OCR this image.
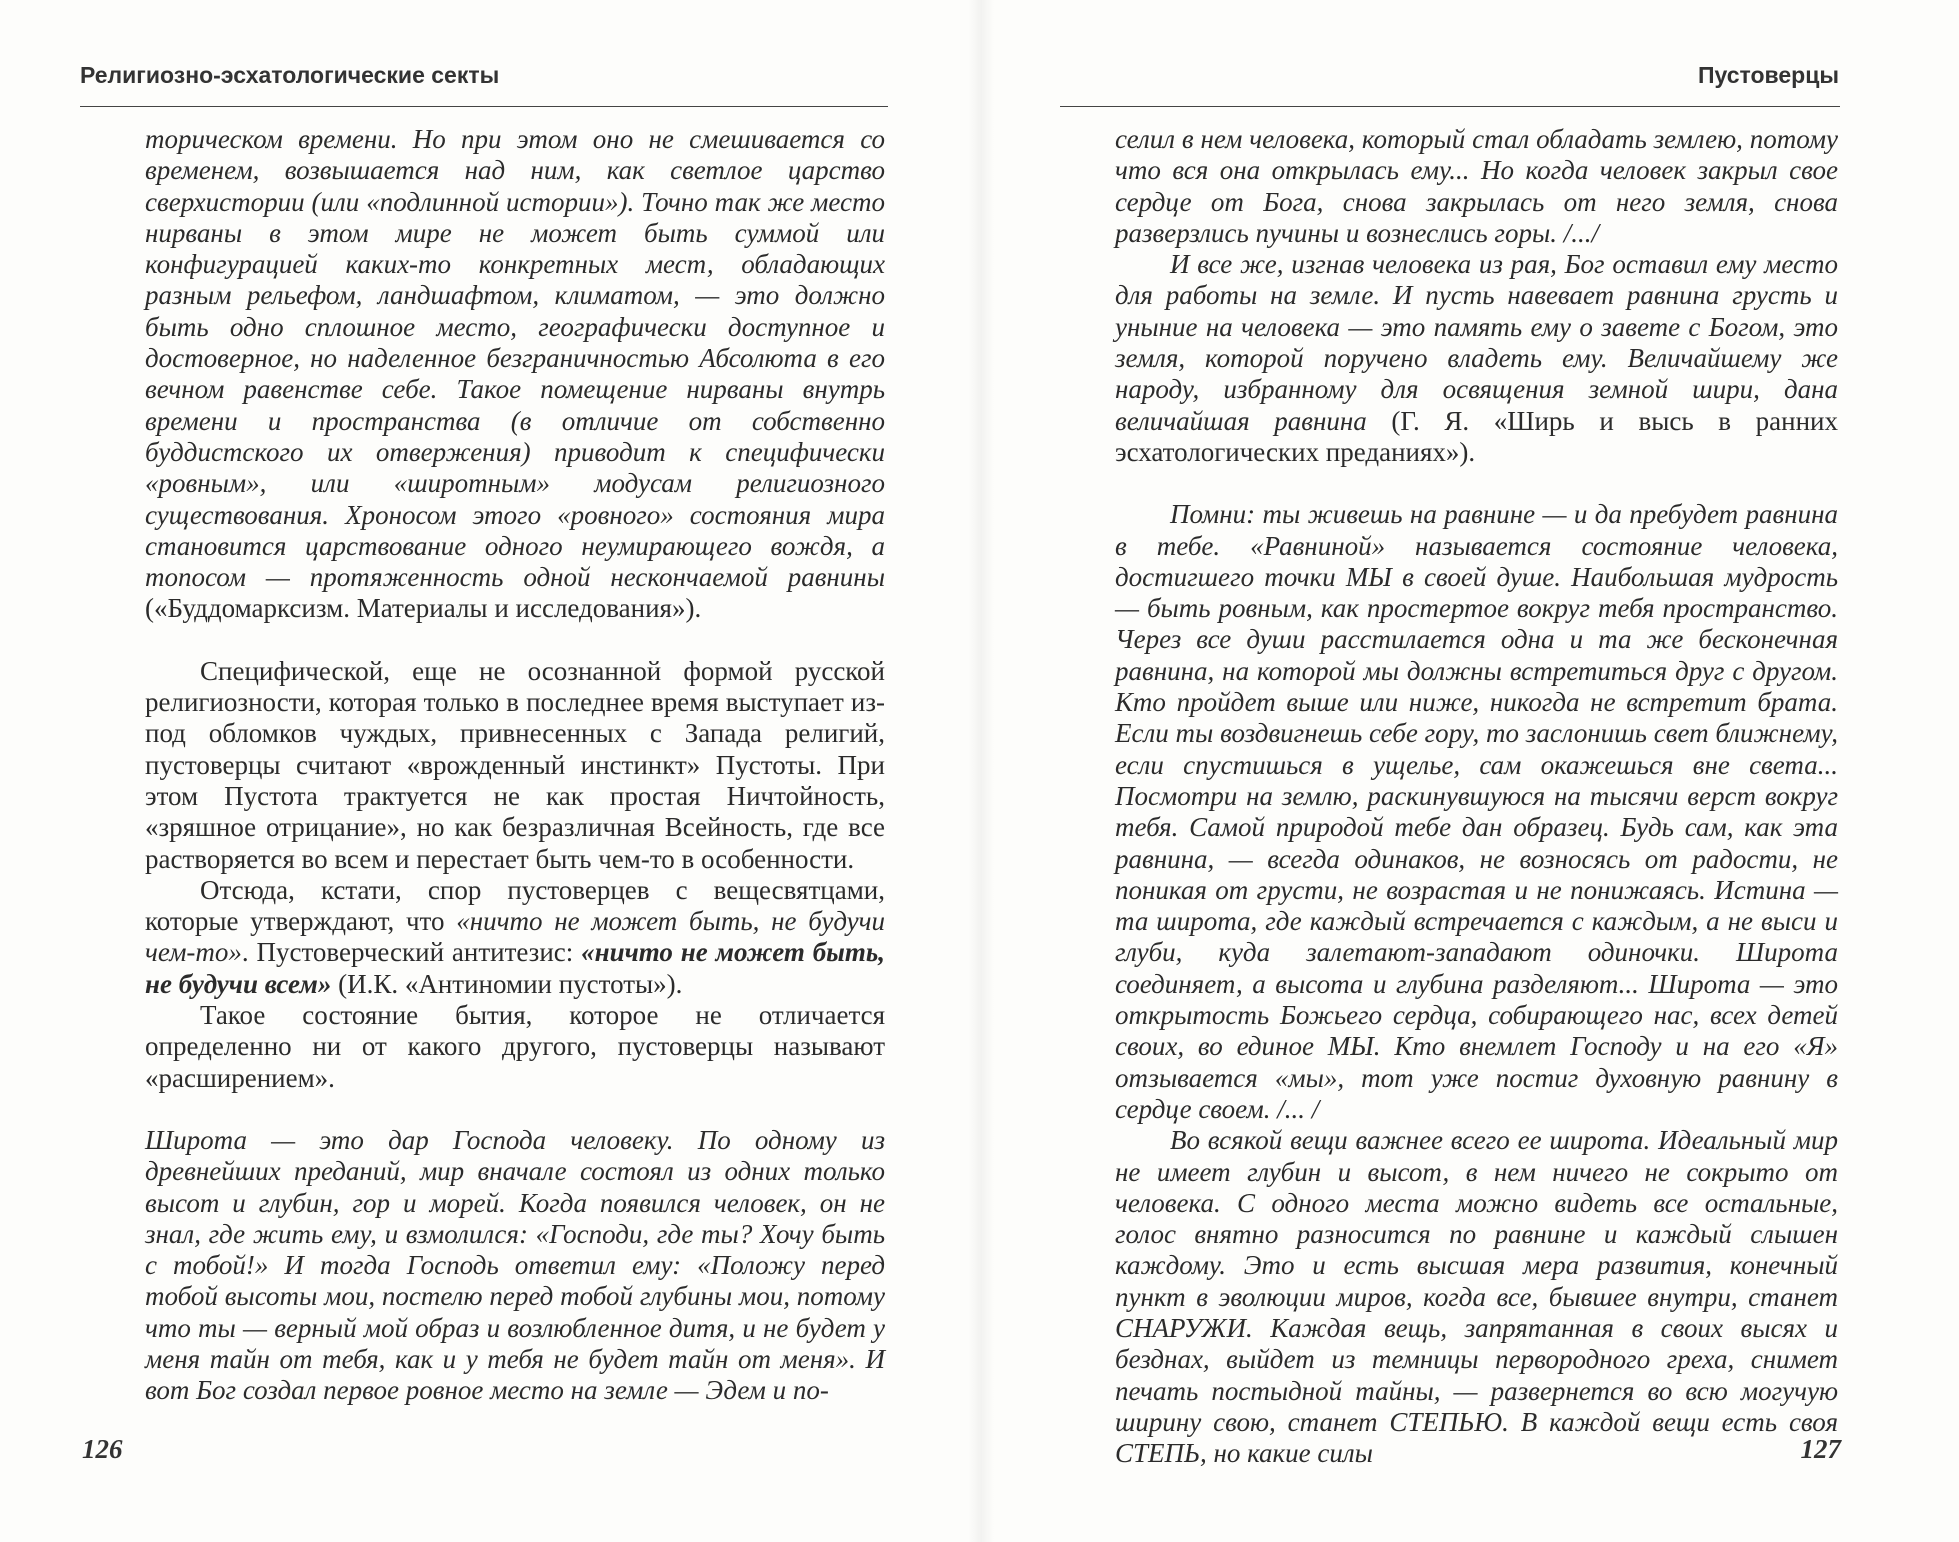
Религиозно-эсхатологические секты

торическом времени. Но при этом оно не смешивается со временем, возвышается над ним, как светлое царство сверхистории (или «подлинной истории»). Точно так же место нирваны в этом мире не может быть суммой или конфигурацией каких-то конкретных мест, обладающих разным рельефом, ландшафтом, климатом, — это должно быть одно сплошное место, географически доступное и достоверное, но наделенное безграничностью Абсолюта в его вечном равенстве себе. Такое помещение нирваны внутрь времени и пространства (в отличие от собственно буддистского их отвержения) приводит к специфически «ровным», или «широтным» модусам религиозного существования. Хроносом этого «ровного» состояния мира становится царствование одного неумирающего вождя, а топосом — протяженность одной нескончаемой равнины («Буддомарксизм. Материалы и исследования»).

Специфической, еще не осознанной формой русской религиозности, которая только в последнее время выступает из-под обломков чуждых, привнесенных с Запада религий, пустоверцы считают «врожденный инстинкт» Пустоты. При этом Пустота трактуется не как простая Ничтойность, «зряшное отрицание», но как безразличная Всейность, где все растворяется во всем и перестает быть чем-то в особенности.

Отсюда, кстати, спор пустоверцев с вещесвятцами, которые утверждают, что «ничто не может быть, не будучи чем-то». Пустоверческий антитезис: «ничто не может быть, не будучи всем» (И.К. «Антиномии пустоты»).

Такое состояние бытия, которое не отличается определенно ни от какого другого, пустоверцы называют «расширением».

Широта — это дар Господа человеку. По одному из древнейших преданий, мир вначале состоял из одних только высот и глубин, гор и морей. Когда появился человек, он не знал, где жить ему, и взмолился: «Господи, где ты? Хочу быть с тобой!» И тогда Господь ответил ему: «Положу перед тобой высоты мои, постелю перед тобой глубины мои, потому что ты — верный мой образ и возлюбленное дитя, и не будет у меня тайн от тебя, как и у тебя не будет тайн от меня». И вот Бог создал первое ровное место на земле — Эдем и по-

126
Пустоверцы

селил в нем человека, который стал обладать землею, потому что вся она открылась ему... Но когда человек закрыл свое сердце от Бога, снова закрылась от него земля, снова разверзлись пучины и вознеслись горы. /.../

И все же, изгнав человека из рая, Бог оставил ему место для работы на земле. И пусть навевает равнина грусть и уныние на человека — это память ему о завете с Богом, это земля, которой поручено владеть ему. Величайшему же народу, избранному для освящения земной шири, дана величайшая равнина (Г. Я. «Ширь и высь в ранних эсхатологических преданиях»).

Помни: ты живешь на равнине — и да пребудет равнина в тебе. «Равниной» называется состояние человека, достигшего точки МЫ в своей душе. Наибольшая мудрость — быть ровным, как простертое вокруг тебя пространство. Через все души расстилается одна и та же бесконечная равнина, на которой мы должны встретиться друг с другом. Кто пройдет выше или ниже, никогда не встретит брата. Если ты воздвигнешь себе гору, то заслонишь свет ближнему, если спустишься в ущелье, сам окажешься вне света... Посмотри на землю, раскинувшуюся на тысячи верст вокруг тебя. Самой природой тебе дан образец. Будь сам, как эта равнина, — всегда одинаков, не возносясь от радости, не поникая от грусти, не возрастая и не понижаясь. Истина — та широта, где каждый встречается с каждым, а не выси и глуби, куда залетают-западают одиночки. Широта соединяет, а высота и глубина разделяют... Широта — это открытость Божьего сердца, собирающего нас, всех детей своих, во единое МЫ. Кто внемлет Господу и на его «Я» отзывается «мы», тот уже постиг духовную равнину в сердце своем. /... /

Во всякой вещи важнее всего ее широта. Идеальный мир не имеет глубин и высот, в нем ничего не сокрыто от человека. С одного места можно видеть все остальные, голос внятно разносится по равнине и каждый слышен каждому. Это и есть высшая мера развития, конечный пункт в эволюции миров, когда все, бывшее внутри, станет СНАРУЖИ. Каждая вещь, запрятанная в своих высях и безднах, выйдет из темницы первородного греха, снимет печать постыдной тайны, — развернется во всю могучую ширину свою, станет СТЕПЬЮ. В каждой вещи есть своя СТЕПЬ, но какие силы	127
